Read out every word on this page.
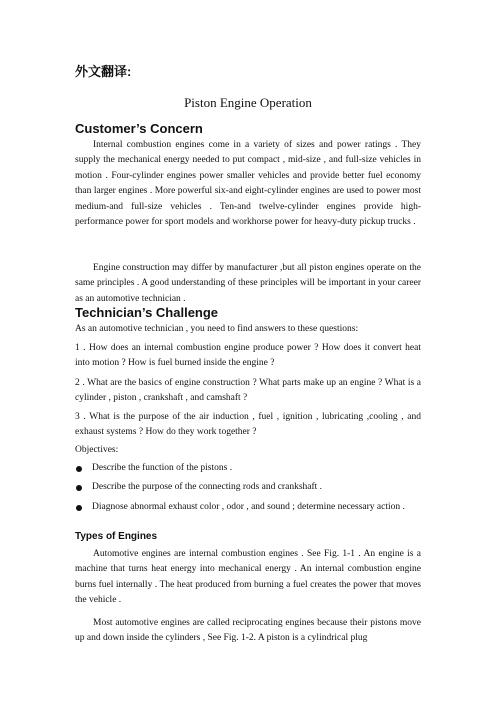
外文翻译:
Piston Engine Operation
Customer’s Concern

Internal combustion engines come in a variety of sizes and power ratings . They supply the mechanical energy needed to put compact , mid-size , and full-size vehicles in motion . Four-cylinder engines power smaller vehicles and provide better fuel economy than larger engines . More powerful six-and eight-cylinder engines are used to power most medium-and full-size vehicles . Ten-and twelve-cylinder engines provide high-performance power for sport models and workhorse power for heavy-duty pickup trucks .

Engine construction may differ by manufacturer ,but all piston engines operate on the same principles . A good understanding of these principles will be important in your career as an automotive technician .

Technician’s Challenge

As an automotive technician , you need to find answers to these questions:

1 . How does an internal combustion engine produce power ? How does it convert heat into motion ? How is fuel burned inside the engine ?

2 . What are the basics of engine construction ? What parts make up an engine ? What is a cylinder , piston , crankshaft , and camshaft ?

3 . What is the purpose of the air induction , fuel , ignition , lubricating ,cooling , and exhaust systems ? How do they work together ?

Objectives:

Describe the function of the pistons .
Describe the purpose of the connecting rods and crankshaft .
Diagnose abnormal exhaust color , odor , and sound ; determine necessary action .
Types of Engines

Automotive engines are internal combustion engines . See Fig. 1-1 . An engine is a machine that turns heat energy into mechanical energy . An internal combustion engine burns fuel internally . The heat produced from burning a fuel creates the power that moves the vehicle .

Most automotive engines are called reciprocating engines because their pistons move up and down inside the cylinders , See Fig. 1-2. A piston is a cylindrical plug
